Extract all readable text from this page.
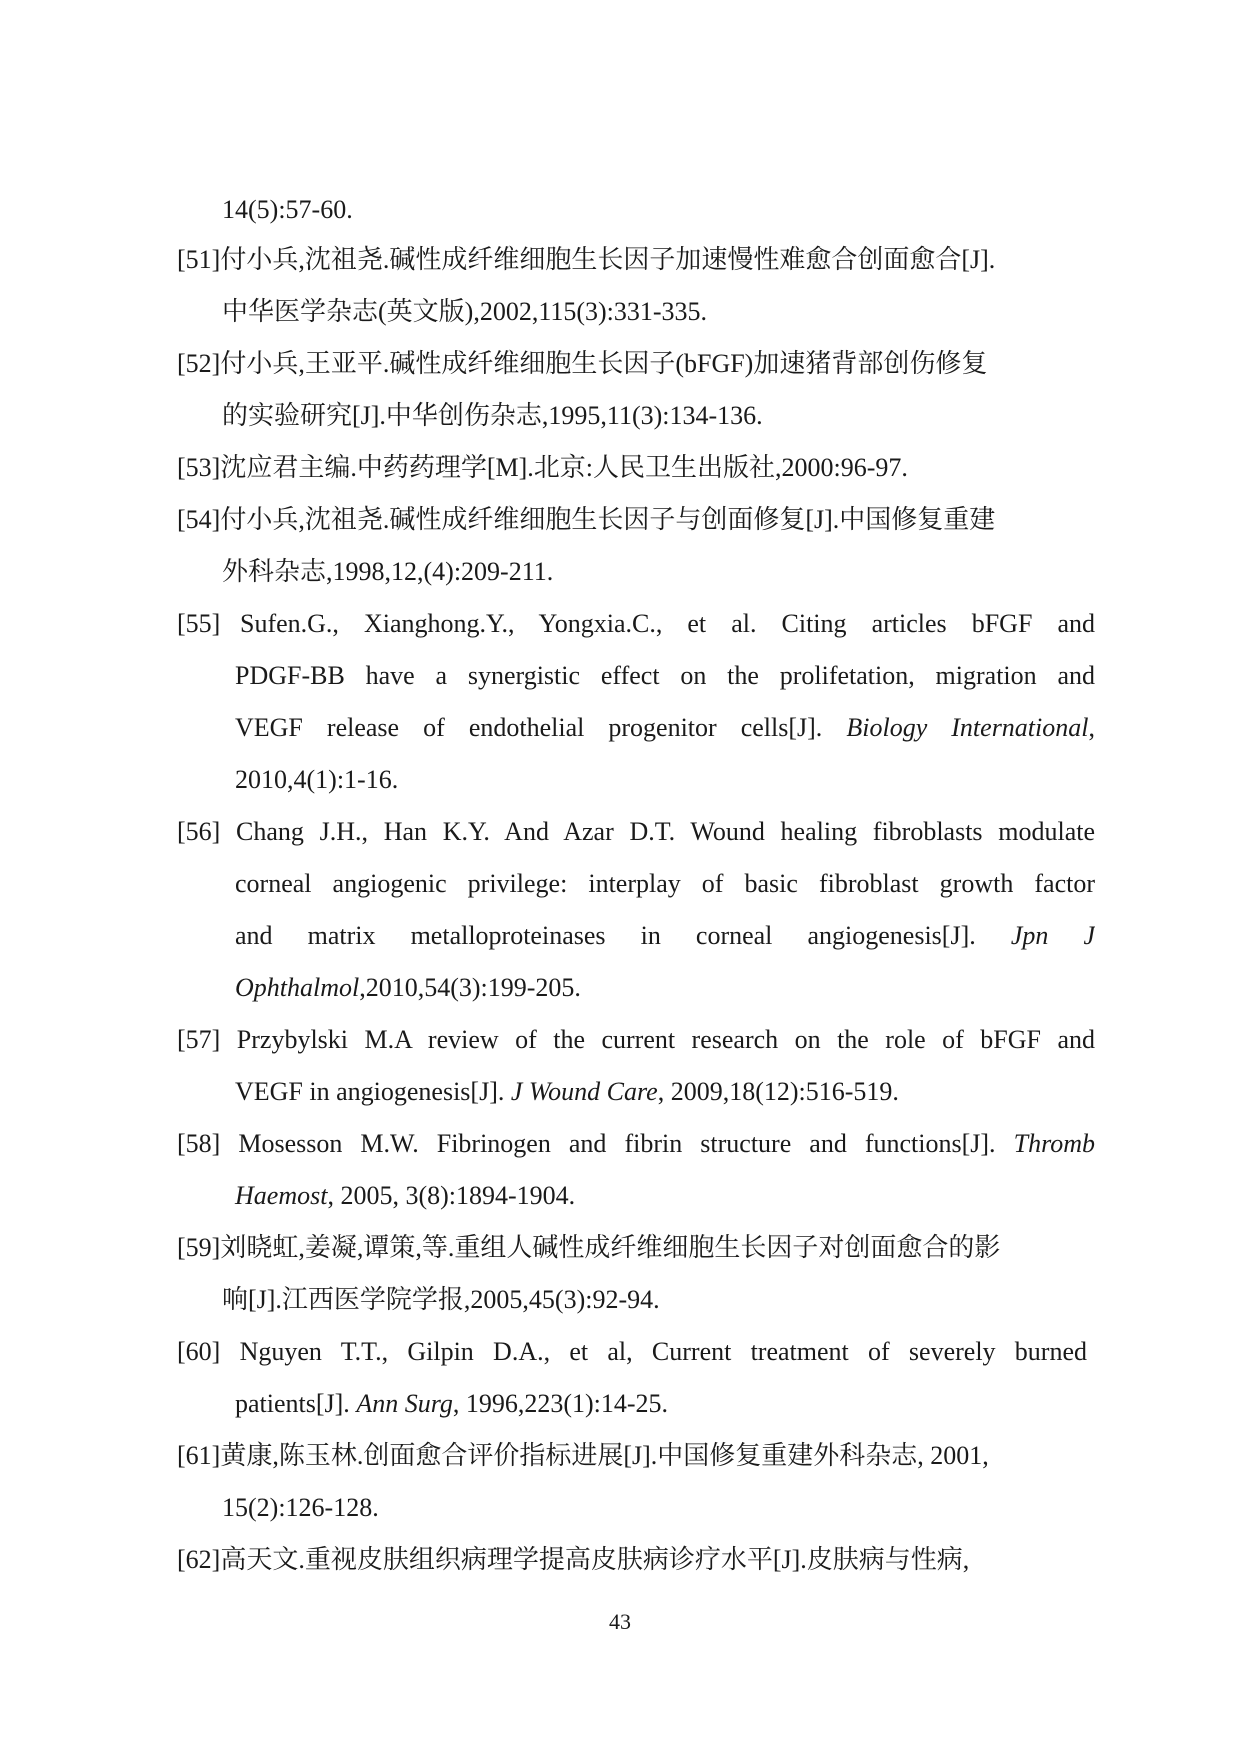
14(5):57-60.
[51]付小兵,沈祖尧.碱性成纤维细胞生长因子加速慢性难愈合创面愈合[J].
中华医学杂志(英文版),2002,115(3):331-335.
[52]付小兵,王亚平.碱性成纤维细胞生长因子(bFGF)加速猪背部创伤修复
的实验研究[J].中华创伤杂志,1995,11(3):134-136.
[53]沈应君主编.中药药理学[M].北京:人民卫生出版社,2000:96-97.
[54]付小兵,沈祖尧.碱性成纤维细胞生长因子与创面修复[J].中国修复重建
外科杂志,1998,12,(4):209-211.
[55] Sufen.G., Xianghong.Y., Yongxia.C., et al. Citing articles bFGF and
PDGF-BB have a synergistic effect on the prolifetation, migration and
VEGF release of endothelial progenitor cells[J]. Biology International,
2010,4(1):1-16.
[56] Chang J.H., Han K.Y. And Azar D.T. Wound healing fibroblasts modulate
corneal angiogenic privilege: interplay of basic fibroblast growth factor
and matrix metalloproteinases in corneal angiogenesis[J]. Jpn J
Ophthalmol,2010,54(3):199-205.
[57] Przybylski M.A review of the current research on the role of bFGF and
VEGF in angiogenesis[J]. J Wound Care, 2009,18(12):516-519.
[58] Mosesson M.W. Fibrinogen and fibrin structure and functions[J]. Thromb
Haemost, 2005, 3(8):1894-1904.
[59]刘晓虹,姜凝,谭策,等.重组人碱性成纤维细胞生长因子对创面愈合的影
响[J].江西医学院学报,2005,45(3):92-94.
[60] Nguyen T.T., Gilpin D.A., et al, Current treatment of severely burned
patients[J]. Ann Surg, 1996,223(1):14-25.
[61]黄康,陈玉林.创面愈合评价指标进展[J].中国修复重建外科杂志, 2001,
15(2):126-128.
[62]高天文.重视皮肤组织病理学提高皮肤病诊疗水平[J].皮肤病与性病,
43
